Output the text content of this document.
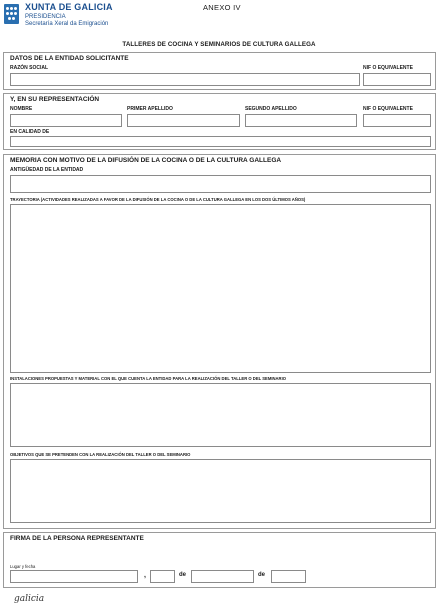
XUNTA DE GALICIA
PRESIDENCIA
Secretaría Xeral da Emigración
ANEXO IV
TALLERES DE COCINA Y SEMINARIOS DE CULTURA GALLEGA
DATOS DE LA ENTIDAD SOLICITANTE
RAZÓN SOCIAL	NIF O EQUIVALENTE
Y, EN SU REPRESENTACIÓN
NOMBRE	PRIMER APELLIDO	SEGUNDO APELLIDO	NIF O EQUIVALENTE
EN CALIDAD DE
MEMORIA CON MOTIVO DE LA DIFUSIÓN DE LA COCINA O DE LA CULTURA GALLEGA
ANTIGÜEDAD DE LA ENTIDAD
TRAYECTORIA (ACTIVIDADES REALIZADAS A FAVOR DE LA DIFUSIÓN DE LA COCINA O DE LA CULTURA GALLEGA EN LOS DOS ÚLTIMOS AÑOS)
INSTALACIONES PROPUESTAS Y MATERIAL CON EL QUE CUENTA LA ENTIDAD PARA LA REALIZACIÓN DEL TALLER O DEL SEMINARIO
OBJETIVOS QUE SE PRETENDEN CON LA REALIZACIÓN DEL TALLER O DEL SEMINARIO
FIRMA DE LA PERSONA REPRESENTANTE
Lugar y fecha
,	de	de
galicia
